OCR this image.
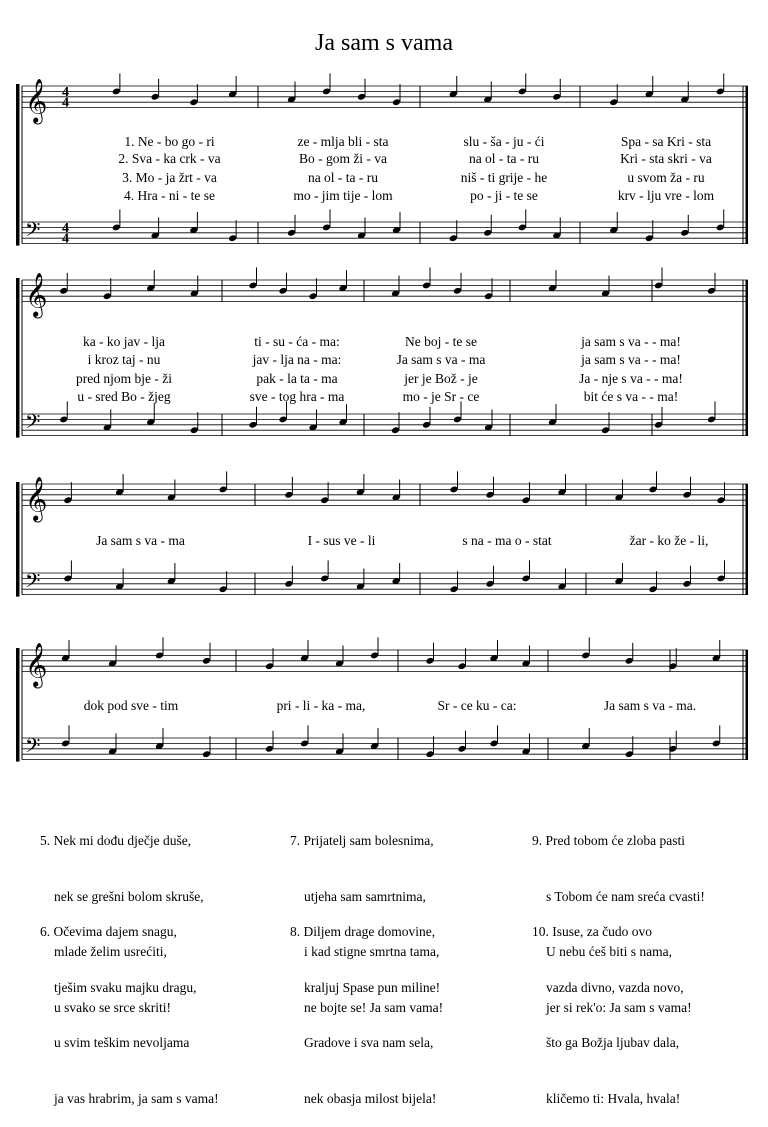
Ja sam s vama
𝄞
𝄢
4
4
4
4
1. Ne - bo go - ri	ze - mlja bli - sta	slu - ša - ju - ći	Spa - sa Kri - sta
2. Sva - ka crk - va	Bo - gom ži - va	na ol - ta - ru	Kri - sta skri - va
3. Mo - ja žrt - va	na ol - ta - ru	niš - ti grije - he	u svom ža - ru
4. Hra - ni - te se	mo - jim tije - lom	po - ji - te se	krv - lju vre - lom
𝄞
𝄢
ka - ko jav - lja	ti - su - ća - ma:	Ne boj - te se	ja sam s va - - ma!
i kroz taj - nu	jav - lja na - ma:	Ja sam s va - ma	ja sam s va - - ma!
pred njom bje - ži	pak - la ta - ma	jer je Bož - je	Ja - nje s va - - ma!
u - sred Bo - žjeg	sve - tog hra - ma	mo - je Sr - ce	bit će s va - - ma!
𝄞
𝄢
Ja sam s va - ma	I - sus ve - li	s na - ma o - stat	žar - ko že - li,
𝄞
𝄢
dok pod sve - tim	pri - li - ka - ma,	Sr - ce ku - ca:	Ja sam s va - ma.

5. Nek mi dođu dječje duše,

nek se grešni bolom skruše,

mlade želim usrećiti,

u svako se srce skriti!

7. Prijatelj sam bolesnima,

utjeha sam samrtnima,

i kad stigne smrtna tama,

ne bojte se! Ja sam vama!

9. Pred tobom će zloba pasti

s Tobom će nam sreća cvasti!

U nebu ćeš biti s nama,

jer si rek'o: Ja sam s vama!

6. Očevima dajem snagu,

tješim svaku majku dragu,

u svim teškim nevoljama

ja vas hrabrim, ja sam s vama!

8. Diljem drage domovine,

kraljuj Spase pun miline!

Gradove i sva nam sela,

nek obasja milost bijela!

10. Isuse, za čudo ovo

vazda divno, vazda novo,

što ga Božja ljubav dala,

kličemo ti: Hvala, hvala!
